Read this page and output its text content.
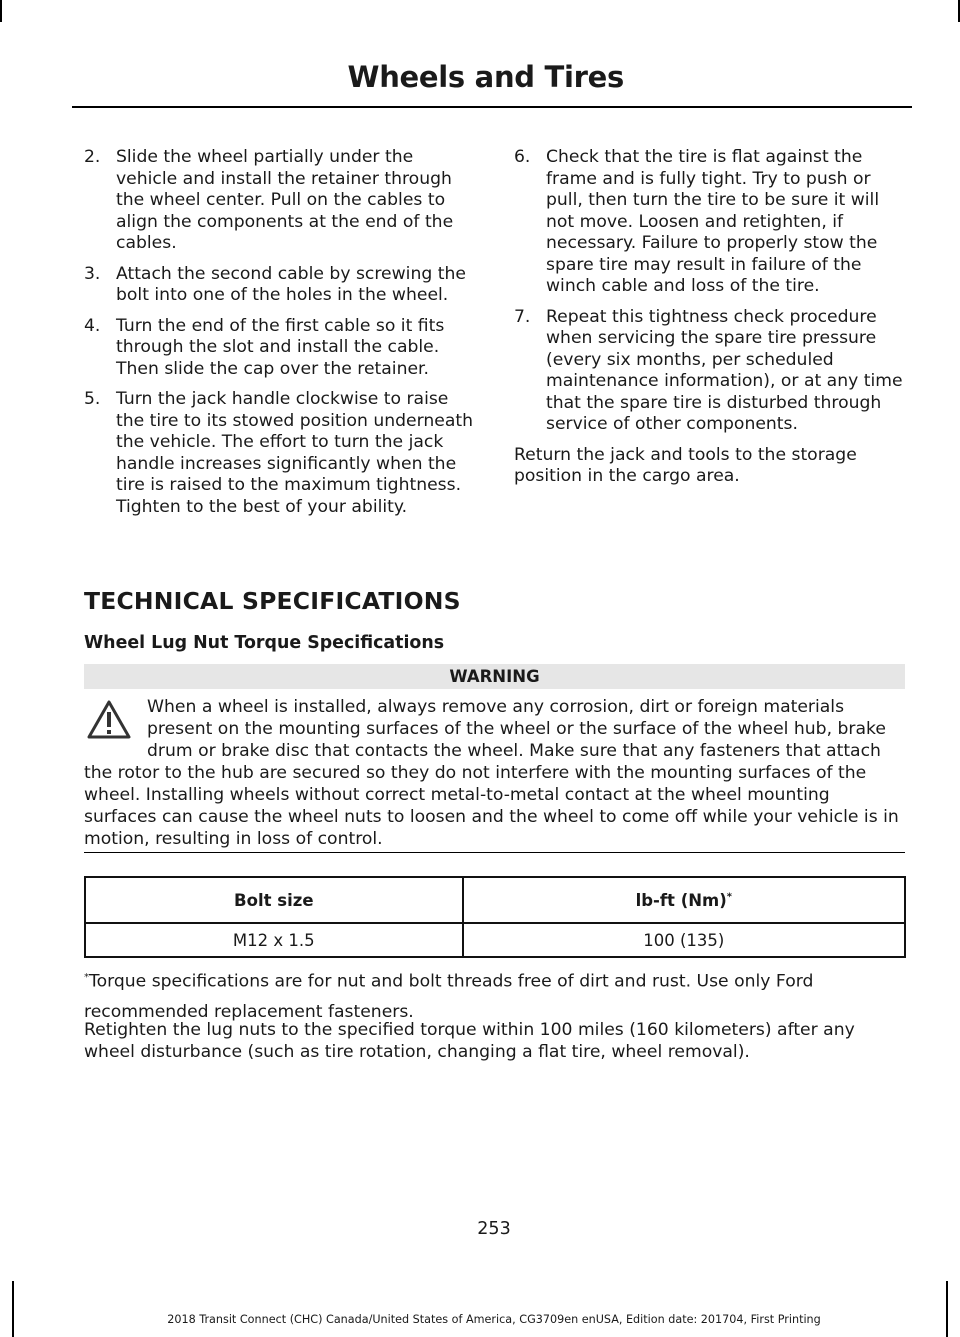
Wheels and Tires
2. Slide the wheel partially under the vehicle and install the retainer through the wheel center. Pull on the cables to align the components at the end of the cables.
3. Attach the second cable by screwing the bolt into one of the holes in the wheel.
4. Turn the end of the first cable so it fits through the slot and install the cable. Then slide the cap over the retainer.
5. Turn the jack handle clockwise to raise the tire to its stowed position underneath the vehicle. The effort to turn the jack handle increases significantly when the tire is raised to the maximum tightness. Tighten to the best of your ability.
6. Check that the tire is flat against the frame and is fully tight. Try to push or pull, then turn the tire to be sure it will not move. Loosen and retighten, if necessary. Failure to properly stow the spare tire may result in failure of the winch cable and loss of the tire.
7. Repeat this tightness check procedure when servicing the spare tire pressure (every six months, per scheduled maintenance information), or at any time that the spare tire is disturbed through service of other components.

Return the jack and tools to the storage position in the cargo area.

TECHNICAL SPECIFICATIONS
Wheel Lug Nut Torque Specifications
WARNING
When a wheel is installed, always remove any corrosion, dirt or foreign materials present on the mounting surfaces of the wheel or the surface of the wheel hub, brake drum or brake disc that contacts the wheel. Make sure that any fasteners that attach the rotor to the hub are secured so they do not interfere with the mounting surfaces of the wheel. Installing wheels without correct metal-to-metal contact at the wheel mounting surfaces can cause the wheel nuts to loosen and the wheel to come off while your vehicle is in motion, resulting in loss of control.
Bolt size	lb-ft (Nm)*
M12 x 1.5	100 (135)
*Torque specifications are for nut and bolt threads free of dirt and rust. Use only Ford recommended replacement fasteners.
Retighten the lug nuts to the specified torque within 100 miles (160 kilometers) after any wheel disturbance (such as tire rotation, changing a flat tire, wheel removal).
253
2018 Transit Connect (CHC) Canada/United States of America, CG3709en enUSA, Edition date: 201704, First Printing
